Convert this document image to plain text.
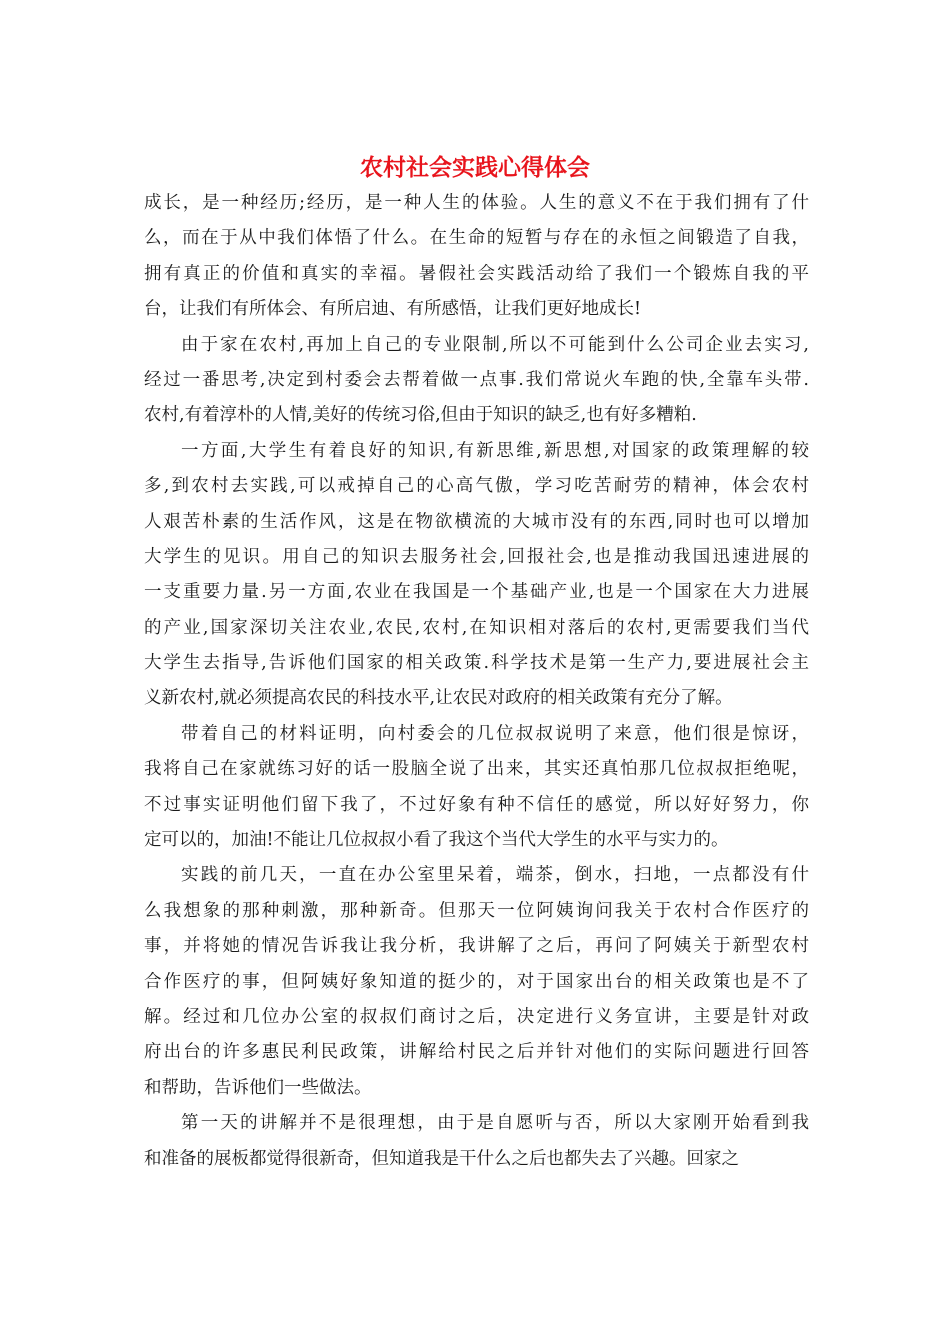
农村社会实践心得体会
成长，是一种经历;经历，是一种人生的体验。人生的意义不在于我们拥有了什
么，而在于从中我们体悟了什么。在生命的短暂与存在的永恒之间锻造了自我，
拥有真正的价值和真实的幸福。暑假社会实践活动给了我们一个锻炼自我的平
台，让我们有所体会、有所启迪、有所感悟，让我们更好地成长!
由于家在农村,再加上自己的专业限制,所以不可能到什么公司企业去实习,
经过一番思考,决定到村委会去帮着做一点事.我们常说火车跑的快,全靠车头带.
农村,有着淳朴的人情,美好的传统习俗,但由于知识的缺乏,也有好多糟粕.
一方面,大学生有着良好的知识,有新思维,新思想,对国家的政策理解的较
多,到农村去实践,可以戒掉自己的心高气傲，学习吃苦耐劳的精神，体会农村
人艰苦朴素的生活作风，这是在物欲横流的大城市没有的东西,同时也可以增加
大学生的见识。用自己的知识去服务社会,回报社会,也是推动我国迅速进展的
一支重要力量.另一方面,农业在我国是一个基础产业,也是一个国家在大力进展
的产业,国家深切关注农业,农民,农村,在知识相对落后的农村,更需要我们当代
大学生去指导,告诉他们国家的相关政策.科学技术是第一生产力,要进展社会主
义新农村,就必须提高农民的科技水平,让农民对政府的相关政策有充分了解。
带着自己的材料证明，向村委会的几位叔叔说明了来意，他们很是惊讶，
我将自己在家就练习好的话一股脑全说了出来，其实还真怕那几位叔叔拒绝呢，
不过事实证明他们留下我了，不过好象有种不信任的感觉，所以好好努力，你
定可以的，加油!不能让几位叔叔小看了我这个当代大学生的水平与实力的。
实践的前几天，一直在办公室里呆着，端茶，倒水，扫地，一点都没有什
么我想象的那种刺激，那种新奇。但那天一位阿姨询问我关于农村合作医疗的
事，并将她的情况告诉我让我分析，我讲解了之后，再问了阿姨关于新型农村
合作医疗的事，但阿姨好象知道的挺少的，对于国家出台的相关政策也是不了
解。经过和几位办公室的叔叔们商讨之后，决定进行义务宣讲，主要是针对政
府出台的许多惠民利民政策，讲解给村民之后并针对他们的实际问题进行回答
和帮助，告诉他们一些做法。
第一天的讲解并不是很理想，由于是自愿听与否，所以大家刚开始看到我
和准备的展板都觉得很新奇，但知道我是干什么之后也都失去了兴趣。回家之
